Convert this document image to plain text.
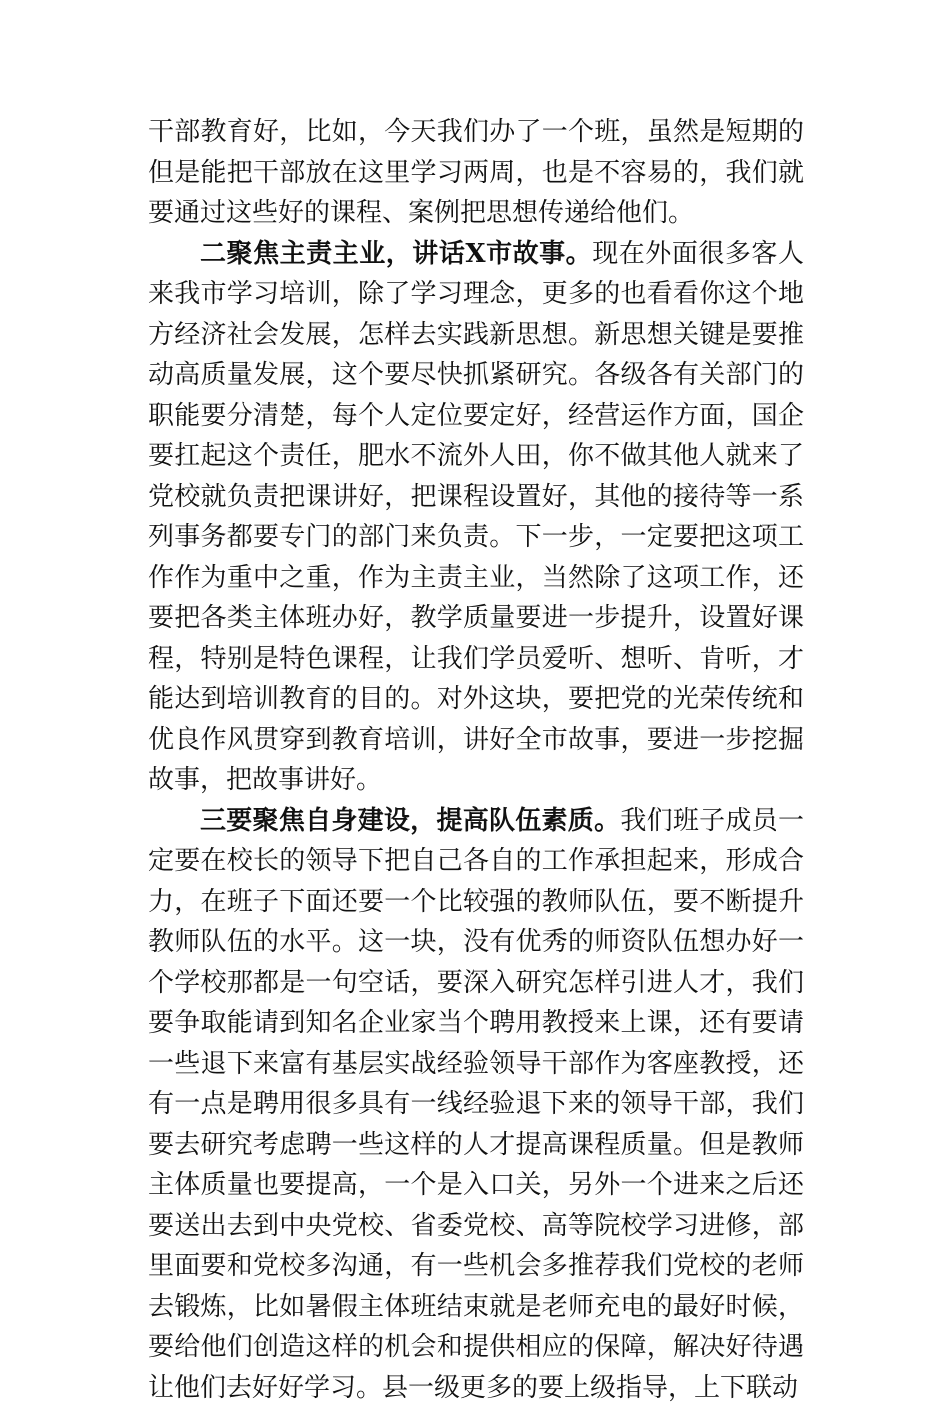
干部教育好，比如，今天我们办了一个班，虽然是短期的但是能把干部放在这里学习两周，也是不容易的，我们就要通过这些好的课程、案例把思想传递给他们。

二聚焦主责主业，讲话X市故事。现在外面很多客人来我市学习培训，除了学习理念，更多的也看看你这个地方经济社会发展，怎样去实践新思想。新思想关键是要推动高质量发展，这个要尽快抓紧研究。各级各有关部门的职能要分清楚，每个人定位要定好，经营运作方面，国企要扛起这个责任，肥水不流外人田，你不做其他人就来了党校就负责把课讲好，把课程设置好，其他的接待等一系列事务都要专门的部门来负责。下一步，一定要把这项工作作为重中之重，作为主责主业，当然除了这项工作，还要把各类主体班办好，教学质量要进一步提升，设置好课程，特别是特色课程，让我们学员爱听、想听、肯听，才能达到培训教育的目的。对外这块，要把党的光荣传统和优良作风贯穿到教育培训，讲好全市故事，要进一步挖掘故事，把故事讲好。

三要聚焦自身建设，提高队伍素质。我们班子成员一定要在校长的领导下把自己各自的工作承担起来，形成合力，在班子下面还要一个比较强的教师队伍，要不断提升教师队伍的水平。这一块，没有优秀的师资队伍想办好一个学校那都是一句空话，要深入研究怎样引进人才，我们要争取能请到知名企业家当个聘用教授来上课，还有要请一些退下来富有基层实战经验领导干部作为客座教授，还有一点是聘用很多具有一线经验退下来的领导干部，我们要去研究考虑聘一些这样的人才提高课程质量。但是教师主体质量也要提高，一个是入口关，另外一个进来之后还要送出去到中央党校、省委党校、高等院校学习进修，部里面要和党校多沟通，有一些机会多推荐我们党校的老师去锻炼，比如暑假主体班结束就是老师充电的最好时候，要给他们创造这样的机会和提供相应的保障，解决好待遇让他们去好好学习。县一级更多的要上级指导，上下联动
